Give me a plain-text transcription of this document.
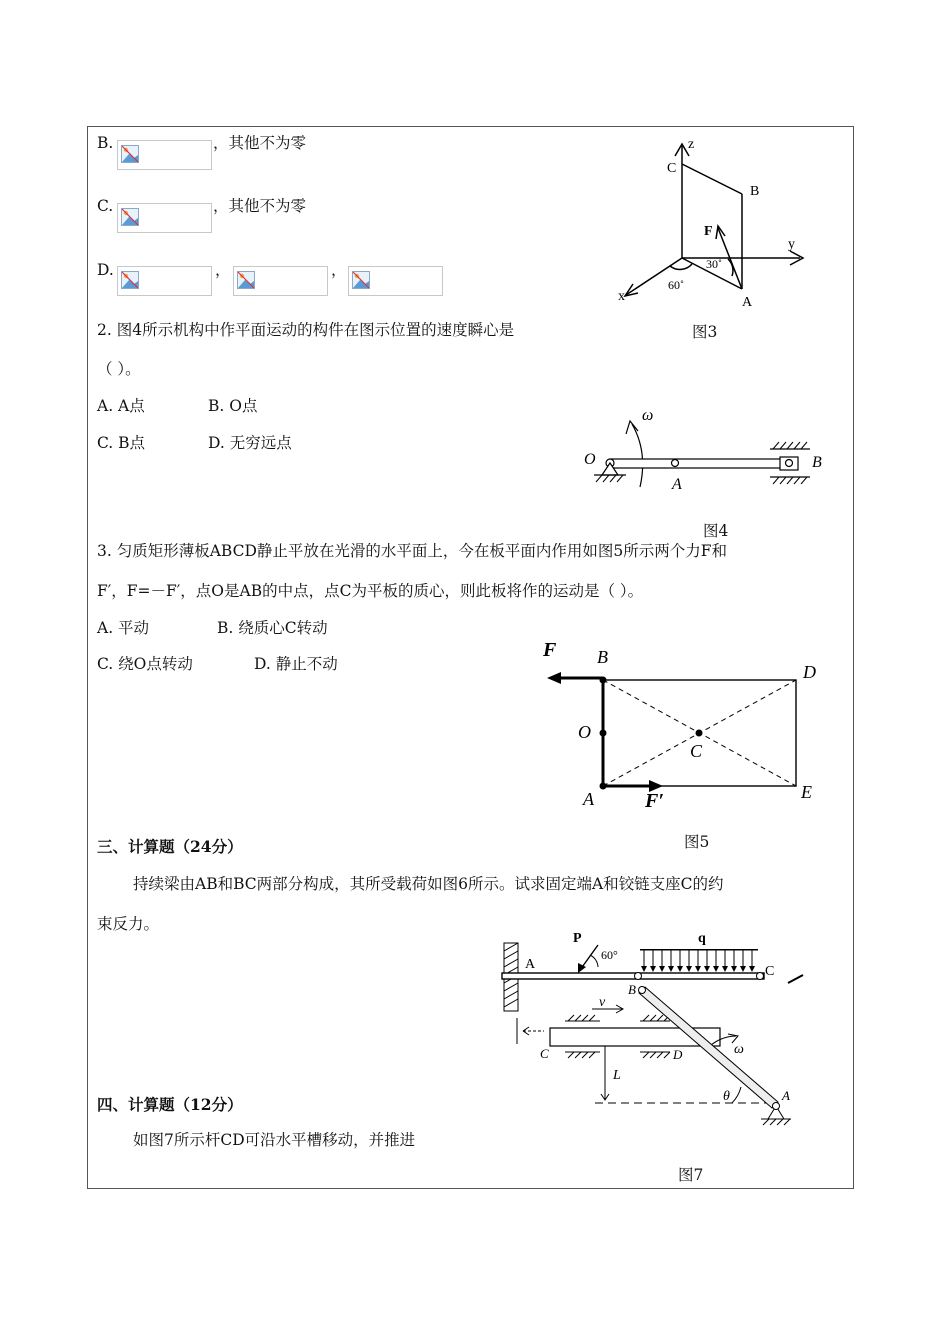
B.	，其他不为零
C.	，其他不为零
D.	，	，
z
C
B
y
F
30˚
60˚
x	A
图3
2. 图4所示机构中作平面运动的构件在图示位置的速度瞬心是
（ ）。
A. A点	B. O点
C. B点	D. 无穷远点
ω
O
A
B
图4
3. 匀质矩形薄板ABCD静止平放在光滑的水平面上，今在板平面内作用如图5所示两个力F和
F′，F=－F′，点O是AB的中点，点C为平板的质心，则此板将作的运动是（ ）。
A. 平动	B. 绕质心C转动
C. 绕O点转动	D. 静止不动
F B
D
O
C
A	F′	E
图5
三、计算题（24分）
持续梁由AB和BC两部分构成，其所受载荷如图6所示。试求固定端A和铰链支座C的约
束反力。
P
60°
q
A	C
v
B
C	D	ω
L
θ	A
图7
四、计算题（12分）
如图7所示杆CD可沿水平槽移动，并推进
